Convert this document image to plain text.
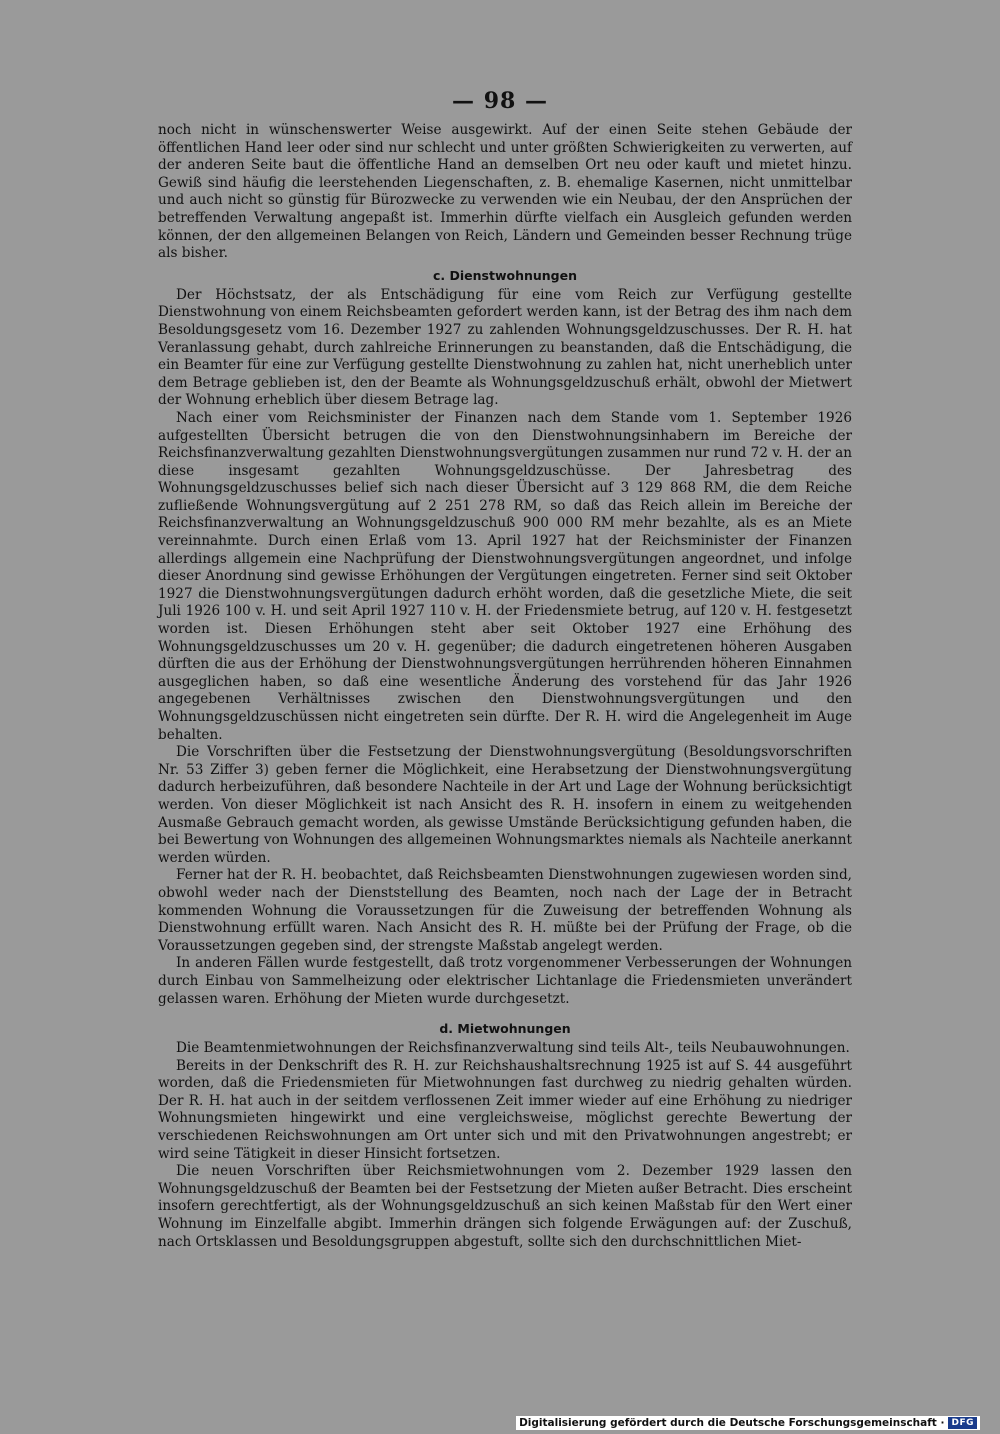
— 98 —

noch nicht in wünschenswerter Weise ausgewirkt. Auf der einen Seite stehen Gebäude der öffentlichen Hand leer oder sind nur schlecht und unter größten Schwierigkeiten zu verwerten, auf der anderen Seite baut die öffentliche Hand an demselben Ort neu oder kauft und mietet hinzu. Gewiß sind häufig die leerstehenden Liegenschaften, z. B. ehemalige Kasernen, nicht unmittelbar und auch nicht so günstig für Bürozwecke zu verwenden wie ein Neubau, der den Ansprüchen der betreffenden Verwaltung angepaßt ist. Immerhin dürfte vielfach ein Ausgleich gefunden werden können, der den allgemeinen Belangen von Reich, Ländern und Gemeinden besser Rechnung trüge als bisher.

c. Dienstwohnungen

Der Höchstsatz, der als Entschädigung für eine vom Reich zur Verfügung gestellte Dienstwohnung von einem Reichsbeamten gefordert werden kann, ist der Betrag des ihm nach dem Besoldungsgesetz vom 16. Dezember 1927 zu zahlenden Wohnungsgeldzuschusses. Der R. H. hat Veranlassung gehabt, durch zahlreiche Erinnerungen zu beanstanden, daß die Entschädigung, die ein Beamter für eine zur Verfügung gestellte Dienstwohnung zu zahlen hat, nicht unerheblich unter dem Betrage geblieben ist, den der Beamte als Wohnungsgeldzuschuß erhält, obwohl der Mietwert der Wohnung erheblich über diesem Betrage lag.

Nach einer vom Reichsminister der Finanzen nach dem Stande vom 1. September 1926 aufgestellten Übersicht betrugen die von den Dienstwohnungsinhabern im Bereiche der Reichsfinanzverwaltung gezahlten Dienstwohnungsvergütungen zusammen nur rund 72 v. H. der an diese insgesamt gezahlten Wohnungsgeldzuschüsse. Der Jahresbetrag des Wohnungsgeldzuschusses belief sich nach dieser Übersicht auf 3 129 868 RM, die dem Reiche zufließende Wohnungsvergütung auf 2 251 278 RM, so daß das Reich allein im Bereiche der Reichsfinanzverwaltung an Wohnungsgeldzuschuß 900 000 RM mehr bezahlte, als es an Miete vereinnahmte. Durch einen Erlaß vom 13. April 1927 hat der Reichsminister der Finanzen allerdings allgemein eine Nachprüfung der Dienstwohnungsvergütungen angeordnet, und infolge dieser Anordnung sind gewisse Erhöhungen der Vergütungen eingetreten. Ferner sind seit Oktober 1927 die Dienstwohnungsvergütungen dadurch erhöht worden, daß die gesetzliche Miete, die seit Juli 1926 100 v. H. und seit April 1927 110 v. H. der Friedensmiete betrug, auf 120 v. H. festgesetzt worden ist. Diesen Erhöhungen steht aber seit Oktober 1927 eine Erhöhung des Wohnungsgeldzuschusses um 20 v. H. gegenüber; die dadurch eingetretenen höheren Ausgaben dürften die aus der Erhöhung der Dienstwohnungsvergütungen herrührenden höheren Einnahmen ausgeglichen haben, so daß eine wesentliche Änderung des vorstehend für das Jahr 1926 angegebenen Verhältnisses zwischen den Dienstwohnungsvergütungen und den Wohnungsgeldzuschüssen nicht eingetreten sein dürfte. Der R. H. wird die Angelegenheit im Auge behalten.

Die Vorschriften über die Festsetzung der Dienstwohnungsvergütung (Besoldungsvorschriften Nr. 53 Ziffer 3) geben ferner die Möglichkeit, eine Herabsetzung der Dienstwohnungsvergütung dadurch herbeizuführen, daß besondere Nachteile in der Art und Lage der Wohnung berücksichtigt werden. Von dieser Möglichkeit ist nach Ansicht des R. H. insofern in einem zu weitgehenden Ausmaße Gebrauch gemacht worden, als gewisse Umstände Berücksichtigung gefunden haben, die bei Bewertung von Wohnungen des allgemeinen Wohnungsmarktes niemals als Nachteile anerkannt werden würden.

Ferner hat der R. H. beobachtet, daß Reichsbeamten Dienstwohnungen zugewiesen worden sind, obwohl weder nach der Dienststellung des Beamten, noch nach der Lage der in Betracht kommenden Wohnung die Voraussetzungen für die Zuweisung der betreffenden Wohnung als Dienstwohnung erfüllt waren. Nach Ansicht des R. H. müßte bei der Prüfung der Frage, ob die Voraussetzungen gegeben sind, der strengste Maßstab angelegt werden.

In anderen Fällen wurde festgestellt, daß trotz vorgenommener Verbesserungen der Wohnungen durch Einbau von Sammelheizung oder elektrischer Lichtanlage die Friedensmieten unverändert gelassen waren. Erhöhung der Mieten wurde durchgesetzt.

d. Mietwohnungen

Die Beamtenmietwohnungen der Reichsfinanzverwaltung sind teils Alt-, teils Neubauwohnungen.

Bereits in der Denkschrift des R. H. zur Reichshaushaltsrechnung 1925 ist auf S. 44 ausgeführt worden, daß die Friedensmieten für Mietwohnungen fast durchweg zu niedrig gehalten würden. Der R. H. hat auch in der seitdem verflossenen Zeit immer wieder auf eine Erhöhung zu niedriger Wohnungsmieten hingewirkt und eine vergleichsweise, möglichst gerechte Bewertung der verschiedenen Reichswohnungen am Ort unter sich und mit den Privatwohnungen angestrebt; er wird seine Tätigkeit in dieser Hinsicht fortsetzen.

Die neuen Vorschriften über Reichsmietwohnungen vom 2. Dezember 1929 lassen den Wohnungsgeldzuschuß der Beamten bei der Festsetzung der Mieten außer Betracht. Dies erscheint insofern gerechtfertigt, als der Wohnungsgeldzuschuß an sich keinen Maßstab für den Wert einer Wohnung im Einzelfalle abgibt. Immerhin drängen sich folgende Erwägungen auf: der Zuschuß, nach Ortsklassen und Besoldungsgruppen abgestuft, sollte sich den durchschnittlichen Miet-

Digitalisierung gefördert durch die Deutsche Forschungsgemeinschaft · DFG
